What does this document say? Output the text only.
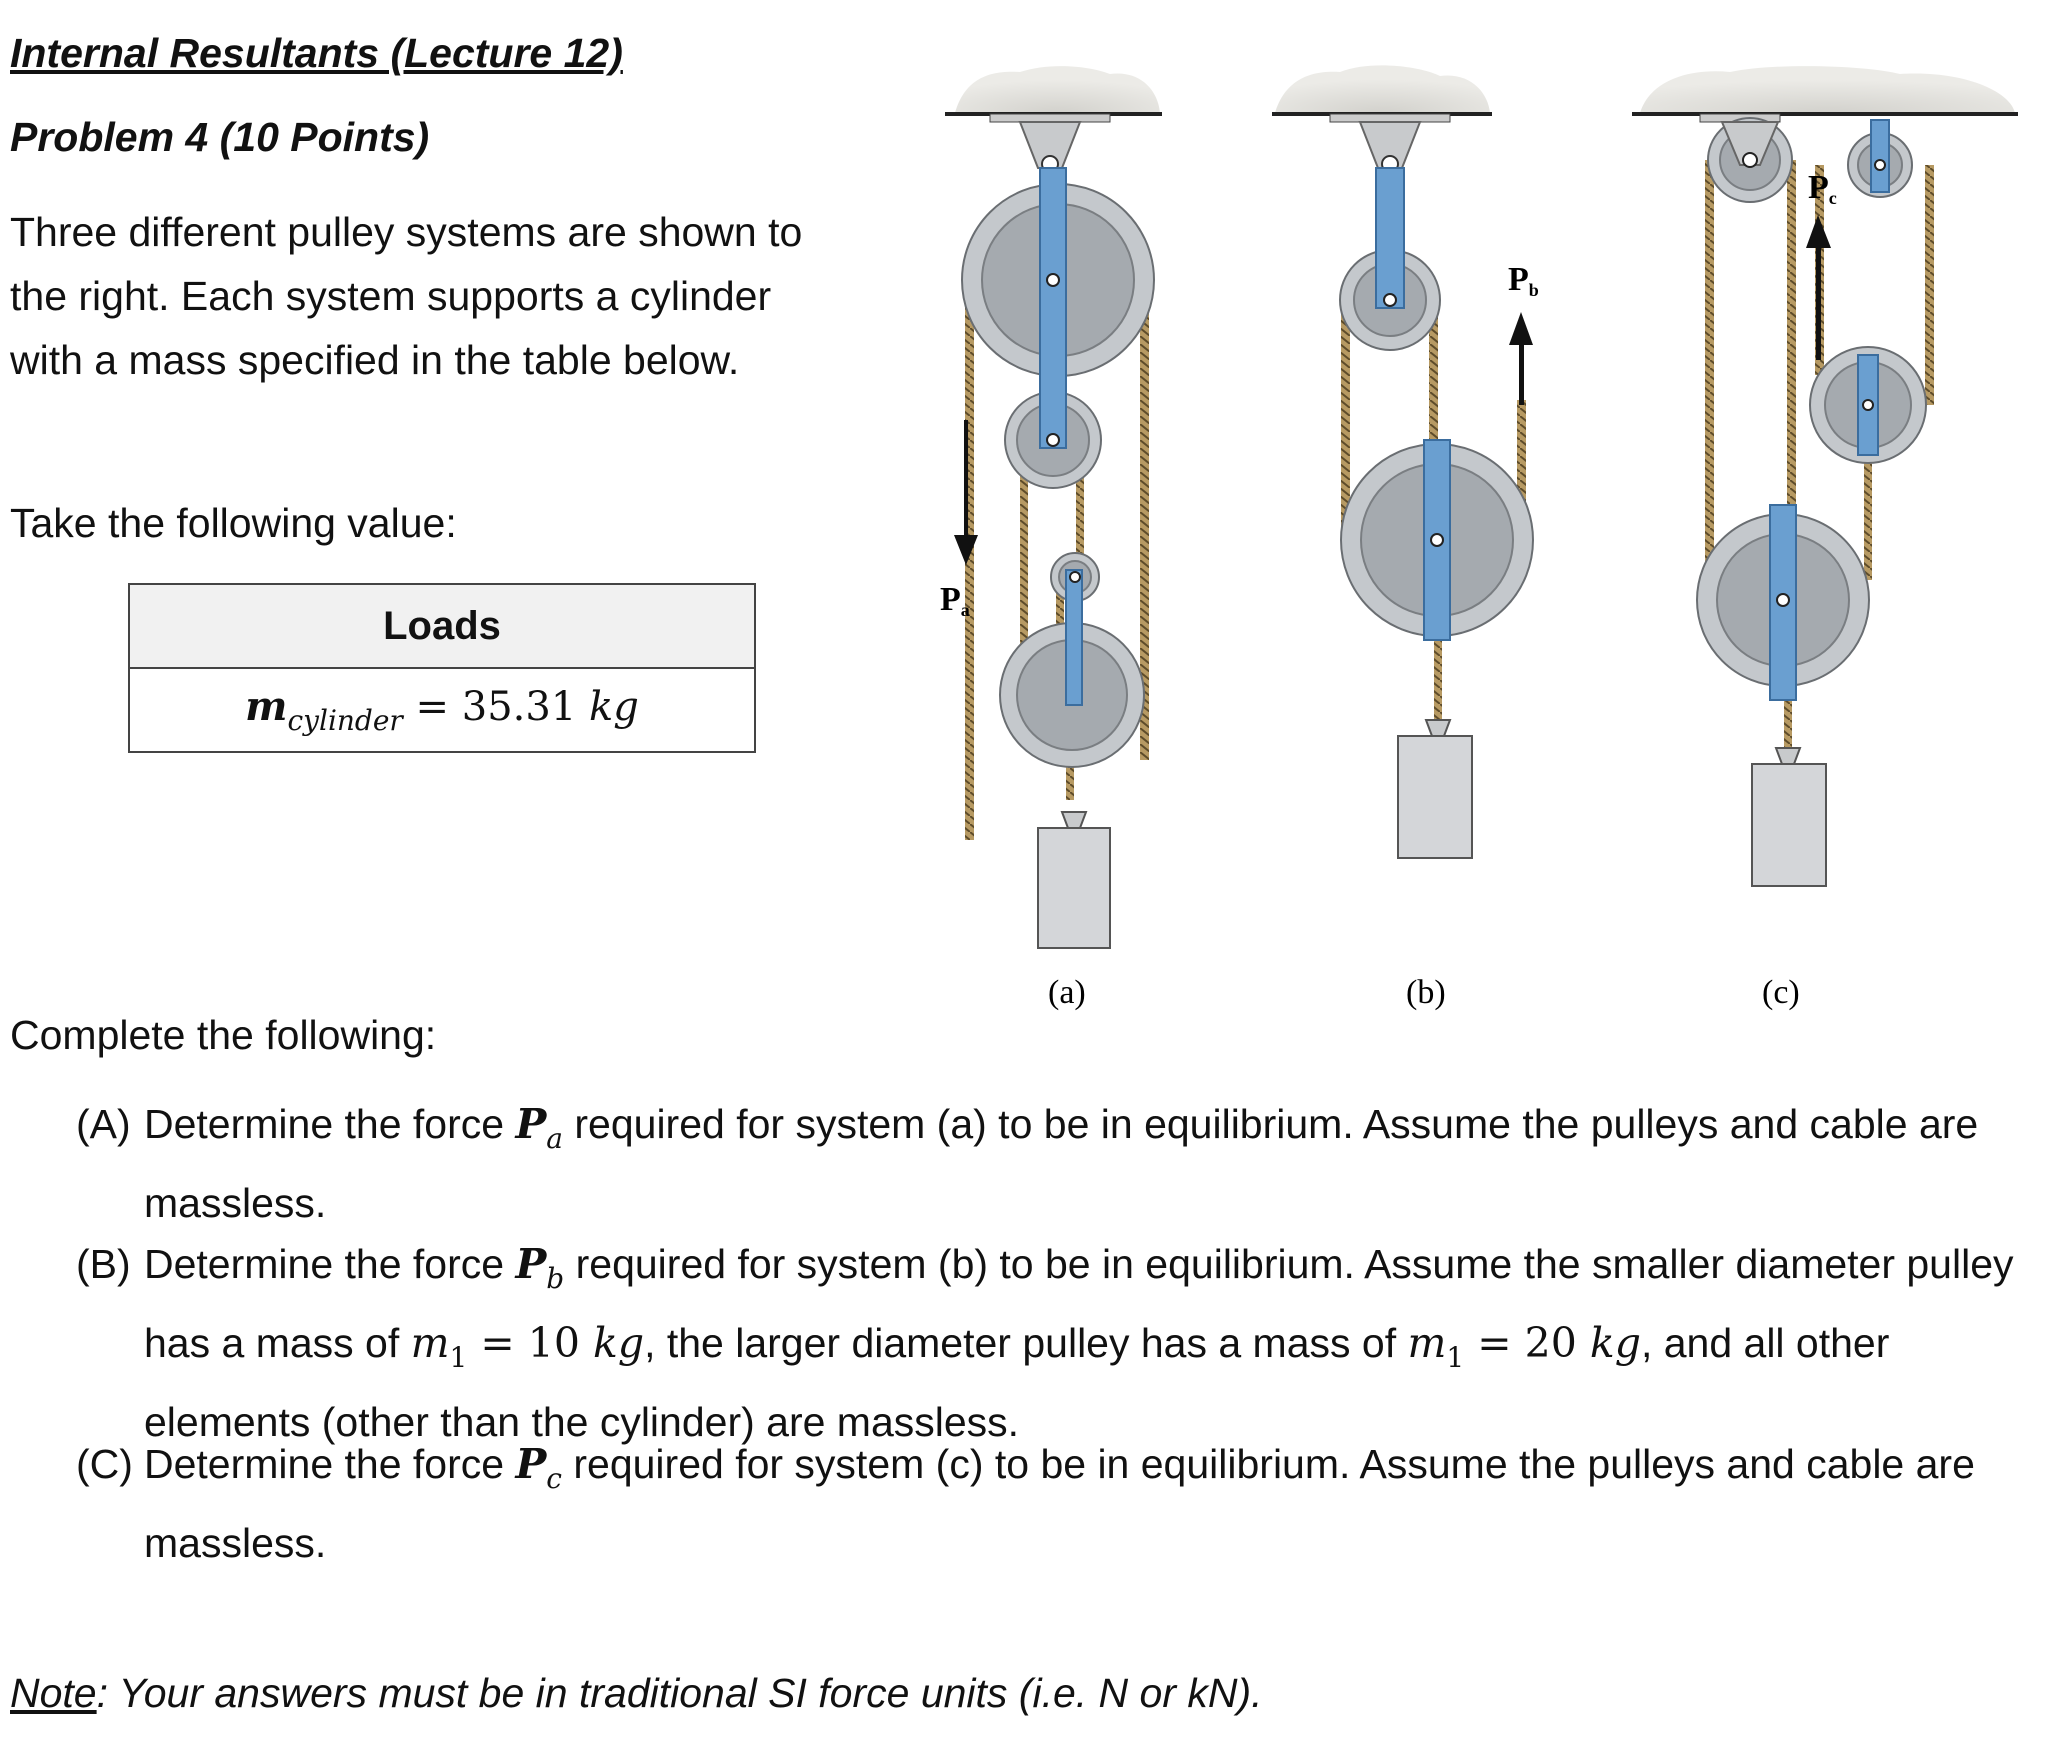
Internal Resultants (Lecture 12)
Problem 4 (10 Points)
Three different pulley systems are shown to the right. Each system supports a cylinder with a mass specified in the table below.
Take the following value:
Loads
$m_{cylinder} = 35.31$ kg
Pa
Pb
Pc
(a)	(b)	(c)
Complete the following:
(A) Determine the force $P_a$ required for system (a) to be in equilibrium. Assume the pulleys and cable are massless.
(B) Determine the force $P_b$ required for system (b) to be in equilibrium. Assume the smaller diameter pulley has a mass of $m_1 = 10$ kg, the larger diameter pulley has a mass of $m_1 = 20$ kg, and all other elements (other than the cylinder) are massless.
(C) Determine the force $P_c$ required for system (c) to be in equilibrium. Assume the pulleys and cable are massless.
Note: Your answers must be in traditional SI force units (i.e. N or kN).
